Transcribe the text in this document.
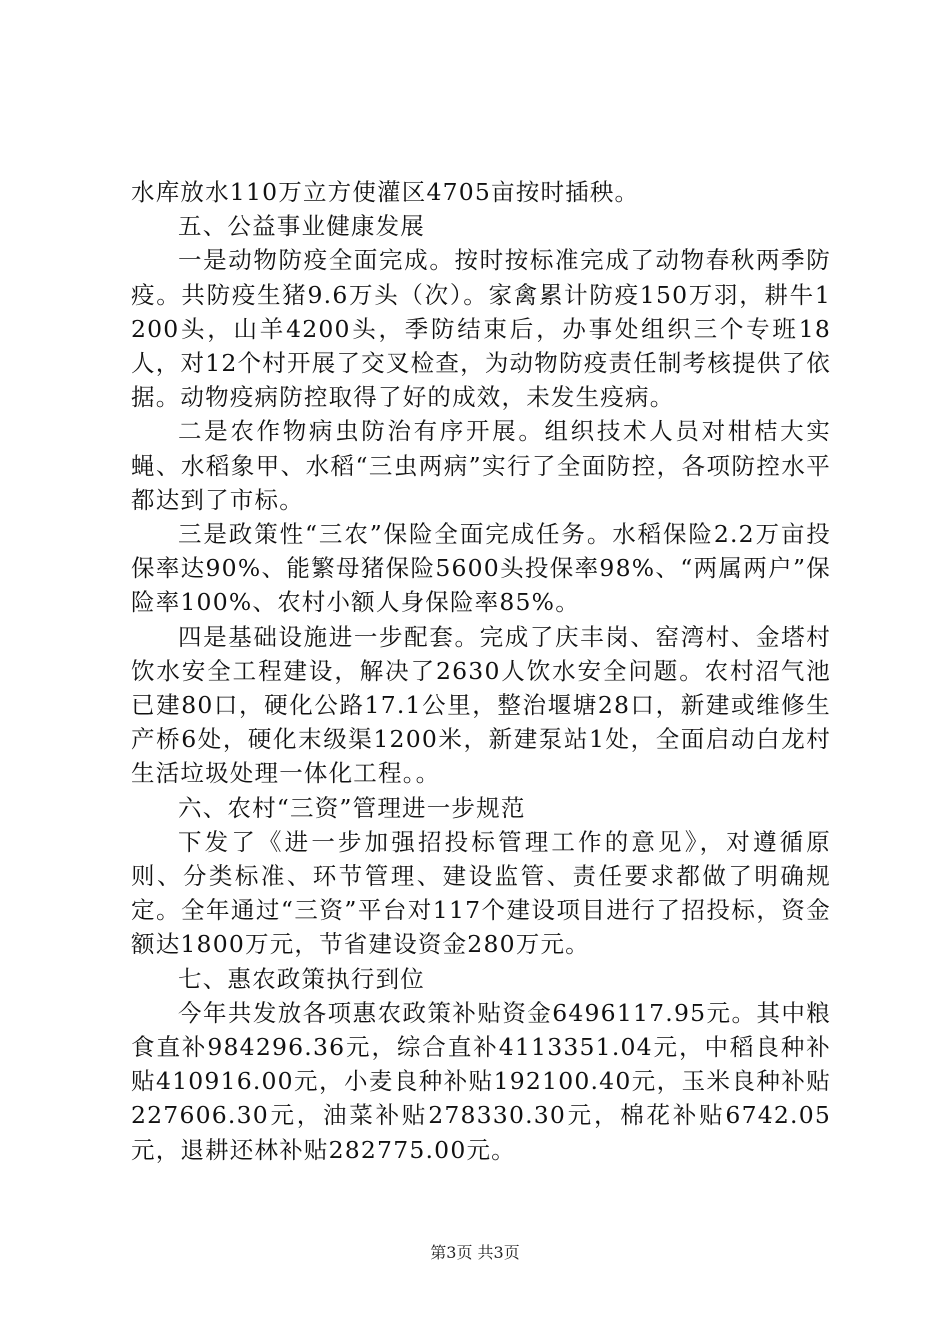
水库放水110万立方使灌区4705亩按时插秧。

五、公益事业健康发展

一是动物防疫全面完成。按时按标准完成了动物春秋两季防疫。共防疫生猪9.6万头（次）。家禽累计防疫150万羽，耕牛1200头，山羊4200头，季防结束后，办事处组织三个专班18人，对12个村开展了交叉检查，为动物防疫责任制考核提供了依据。动物疫病防控取得了好的成效，未发生疫病。

二是农作物病虫防治有序开展。组织技术人员对柑桔大实蝇、水稻象甲、水稻“三虫两病”实行了全面防控，各项防控水平都达到了市标。

三是政策性“三农”保险全面完成任务。水稻保险2.2万亩投保率达90%、能繁母猪保险5600头投保率98%、“两属两户”保险率100%、农村小额人身保险率85%。

四是基础设施进一步配套。完成了庆丰岗、窑湾村、金塔村饮水安全工程建设，解决了2630人饮水安全问题。农村沼气池已建80口，硬化公路17.1公里，整治堰塘28口，新建或维修生产桥6处，硬化末级渠1200米，新建泵站1处，全面启动白龙村生活垃圾处理一体化工程。。

六、农村“三资”管理进一步规范

下发了《进一步加强招投标管理工作的意见》，对遵循原则、分类标准、环节管理、建设监管、责任要求都做了明确规定。全年通过“三资”平台对117个建设项目进行了招投标，资金额达1800万元，节省建设资金280万元。

七、惠农政策执行到位

今年共发放各项惠农政策补贴资金6496117.95元。其中粮食直补984296.36元，综合直补4113351.04元，中稻良种补贴410916.00元，小麦良种补贴192100.40元，玉米良种补贴227606.30元，油菜补贴278330.30元，棉花补贴6742.05元，退耕还林补贴282775.00元。

第3页 共3页
